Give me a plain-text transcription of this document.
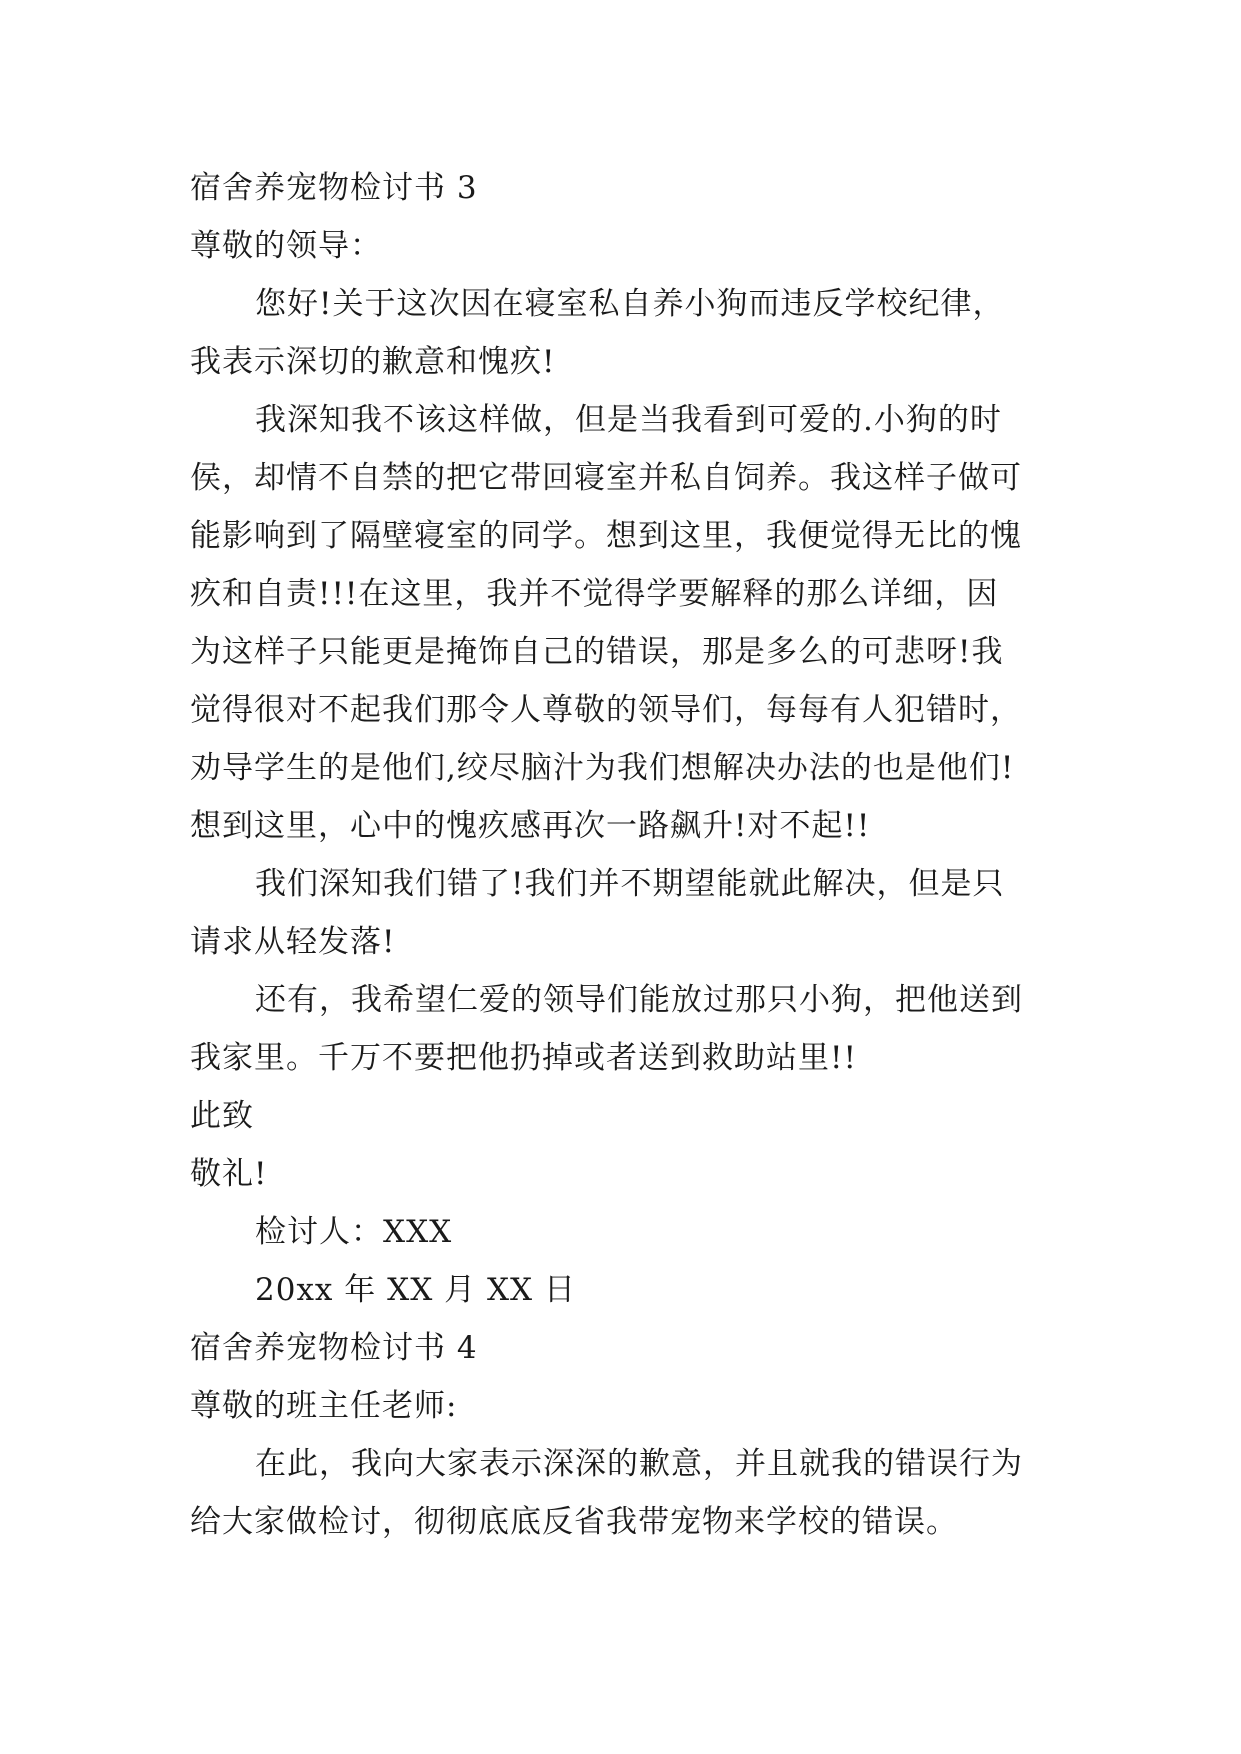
宿舍养宠物检讨书 3
尊敬的领导：
您好!关于这次因在寝室私自养小狗而违反学校纪律，
我表示深切的歉意和愧疚!
我深知我不该这样做，但是当我看到可爱的.小狗的时
侯，却情不自禁的把它带回寝室并私自饲养。我这样子做可
能影响到了隔壁寝室的同学。想到这里，我便觉得无比的愧
疚和自责!!!在这里，我并不觉得学要解释的那么详细，因
为这样子只能更是掩饰自己的错误，那是多么的可悲呀!我
觉得很对不起我们那令人尊敬的领导们，每每有人犯错时，
劝导学生的是他们,绞尽脑汁为我们想解决办法的也是他们!
想到这里，心中的愧疚感再次一路飙升!对不起!!
我们深知我们错了!我们并不期望能就此解决，但是只
请求从轻发落!
还有，我希望仁爱的领导们能放过那只小狗，把他送到
我家里。千万不要把他扔掉或者送到救助站里!!
此致
敬礼!
检讨人：XXX
20xx 年 XX 月 XX 日
宿舍养宠物检讨书 4
尊敬的班主任老师:
在此，我向大家表示深深的歉意，并且就我的错误行为
给大家做检讨，彻彻底底反省我带宠物来学校的错误。
